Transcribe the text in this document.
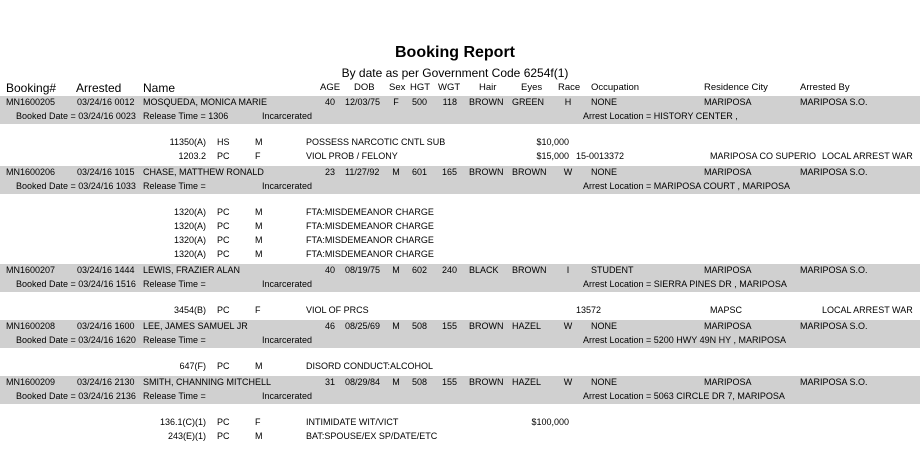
Booking Report
By date as per Government Code 6254f(1)
Booking# Arrested Name	AGE DOB Sex HGT WGT Hair	Eyes Race Occupation	Residence City	Arrested By
MN1600205 03/24/16 0012 MOSQUEDA, MONICA MARIE	40 12/03/75	F	500	118 BROWN GREEN	H	NONE	MARIPOSA	MARIPOSA S.O.
Booked Date = 03/24/16 0023 Release Time = 1306	Incarcerated	Arrest Location = HISTORY CENTER ,
11350(A) HS	M	POSSESS NARCOTIC CNTL SUB	$10,000
1203.2 PC	F	VIOL PROB / FELONY	$15,000 15-0013372	MARIPOSA CO SUPERIO LOCAL ARREST WAR
MN1600206 03/24/16 1015 CHASE, MATTHEW RONALD	23 11/27/92	M	601	165 BROWN BROWN	W	NONE	MARIPOSA	MARIPOSA S.O.
Booked Date = 03/24/16 1033 Release Time =	Incarcerated	Arrest Location = MARIPOSA COURT , MARIPOSA
1320(A) PC	M	FTA:MISDEMEANOR CHARGE
1320(A) PC	M	FTA:MISDEMEANOR CHARGE
1320(A) PC	M	FTA:MISDEMEANOR CHARGE
1320(A) PC	M	FTA:MISDEMEANOR CHARGE
MN1600207 03/24/16 1444 LEWIS, FRAZIER ALAN	40 08/19/75	M	602	240 BLACK BROWN	I	STUDENT	MARIPOSA	MARIPOSA S.O.
Booked Date = 03/24/16 1516 Release Time =	Incarcerated	Arrest Location = SIERRA PINES DR , MARIPOSA
3454(B) PC	F	VIOL OF PRCS	13572	MAPSC	LOCAL ARREST WAR
MN1600208 03/24/16 1600 LEE, JAMES SAMUEL JR	46 08/25/69	M	508	155 BROWN HAZEL	W	NONE	MARIPOSA	MARIPOSA S.O.
Booked Date = 03/24/16 1620 Release Time =	Incarcerated	Arrest Location = 5200 HWY 49N HY , MARIPOSA
647(F) PC	M	DISORD CONDUCT:ALCOHOL
MN1600209 03/24/16 2130 SMITH, CHANNING MITCHELL	31 08/29/84	M	508	155 BROWN HAZEL	W	NONE	MARIPOSA	MARIPOSA S.O.
Booked Date = 03/24/16 2136 Release Time =	Incarcerated	Arrest Location = 5063 CIRCLE DR 7, MARIPOSA
136.1(C)(1) PC	F	INTIMIDATE WIT/VICT	$100,000
243(E)(1) PC	M	BAT:SPOUSE/EX SP/DATE/ETC
